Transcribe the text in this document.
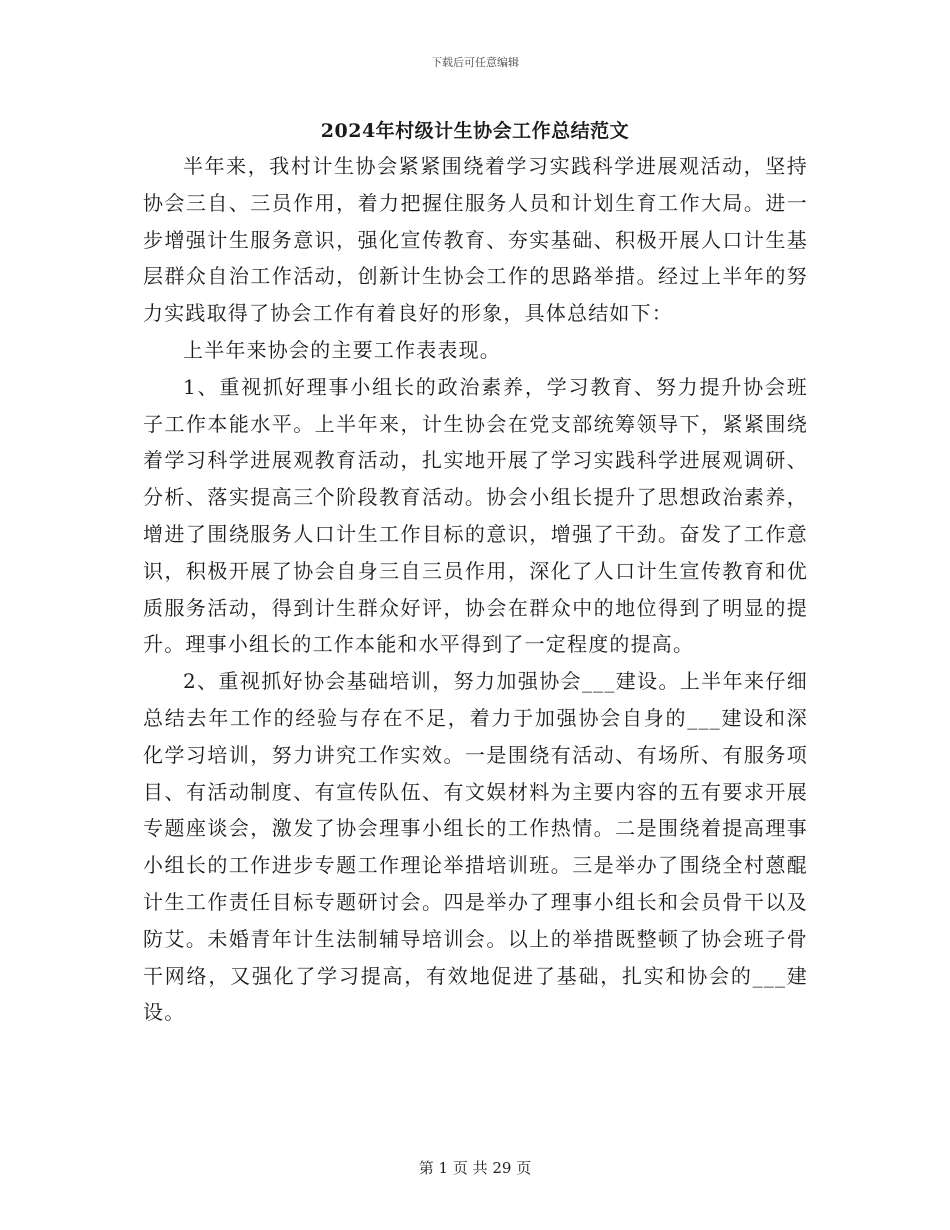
下载后可任意编辑
2024年村级计生协会工作总结范文

半年来，我村计生协会紧紧围绕着学习实践科学进展观活动，坚持协会三自、三员作用，着力把握住服务人员和计划生育工作大局。进一步增强计生服务意识，强化宣传教育、夯实基础、积极开展人口计生基层群众自治工作活动，创新计生协会工作的思路举措。经过上半年的努力实践取得了协会工作有着良好的形象，具体总结如下：

上半年来协会的主要工作表表现。

1、重视抓好理事小组长的政治素养，学习教育、努力提升协会班子工作本能水平。上半年来，计生协会在党支部统筹领导下，紧紧围绕着学习科学进展观教育活动，扎实地开展了学习实践科学进展观调研、分析、落实提高三个阶段教育活动。协会小组长提升了思想政治素养，增进了围绕服务人口计生工作目标的意识，增强了干劲。奋发了工作意识，积极开展了协会自身三自三员作用，深化了人口计生宣传教育和优质服务活动，得到计生群众好评，协会在群众中的地位得到了明显的提升。理事小组长的工作本能和水平得到了一定程度的提高。

2、重视抓好协会基础培训，努力加强协会___建设。上半年来仔细总结去年工作的经验与存在不足，着力于加强协会自身的___建设和深化学习培训，努力讲究工作实效。一是围绕有活动、有场所、有服务项目、有活动制度、有宣传队伍、有文娱材料为主要内容的五有要求开展专题座谈会，激发了协会理事小组长的工作热情。二是围绕着提高理事小组长的工作进步专题工作理论举措培训班。三是举办了围绕全村蒽醌计生工作责任目标专题研讨会。四是举办了理事小组长和会员骨干以及防艾。未婚青年计生法制辅导培训会。以上的举措既整顿了协会班子骨干网络，又强化了学习提高，有效地促进了基础，扎实和协会的___建设。

第 1 页 共 29 页
